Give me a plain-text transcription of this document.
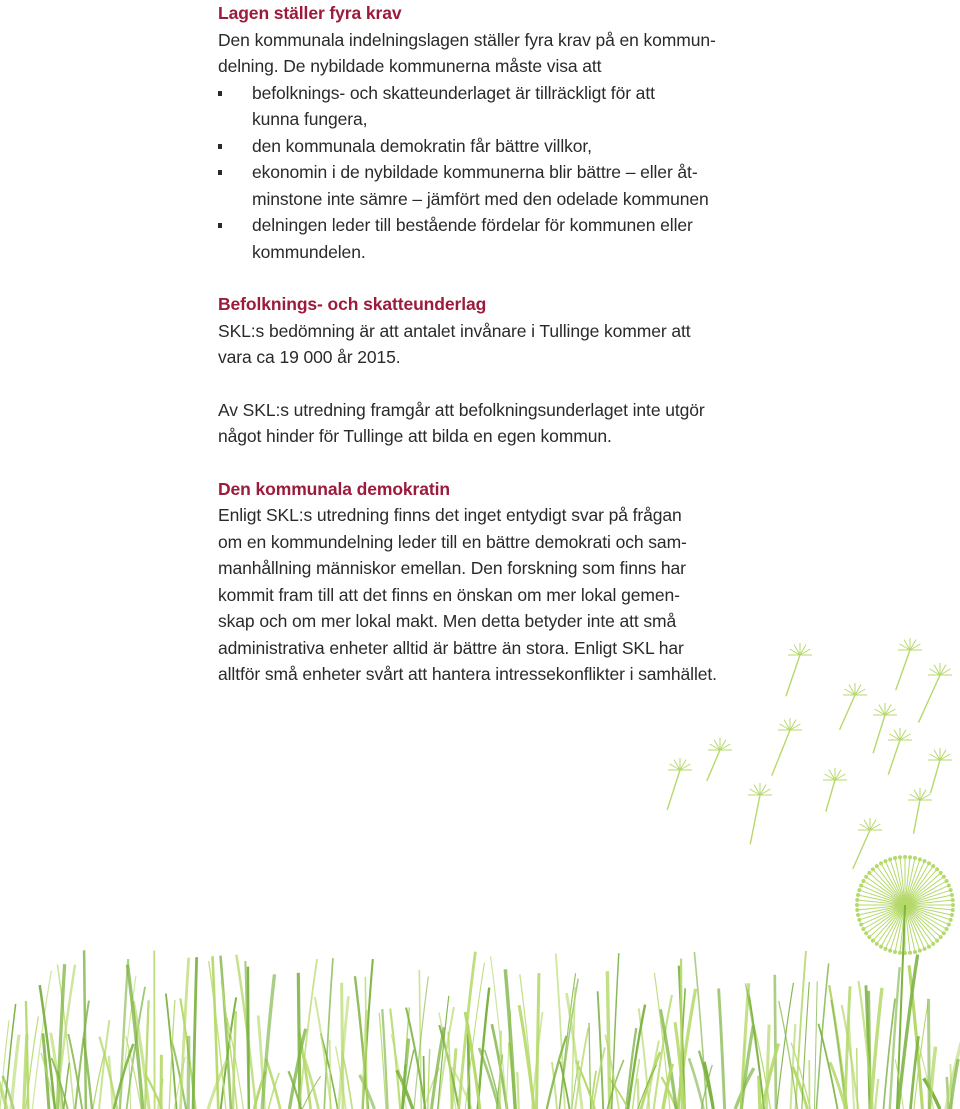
Lagen ställer fyra krav

Den kommunala indelningslagen ställer fyra krav på en kommun-

delning. De nybildade kommunerna måste visa att

befolknings- och skatteunderlaget är tillräckligt för att
kunna fungera,
den kommunala demokratin får bättre villkor,
ekonomin i de nybildade kommunerna blir bättre – eller åt-
minstone inte sämre – jämfört med den odelade kommunen
delningen leder till bestående fördelar för kommunen eller
kommundelen.
Befolknings- och skatteunderlag

SKL:s bedömning är att antalet invånare i Tullinge kommer att

vara ca 19 000 år 2015.

Av SKL:s utredning framgår att befolkningsunderlaget inte utgör

något hinder för Tullinge att bilda en egen kommun.

Den kommunala demokratin

Enligt SKL:s utredning finns det inget entydigt svar på frågan

om en kommundelning leder till en bättre demokrati och sam-

manhållning människor emellan. Den forskning som finns har

kommit fram till att det finns en önskan om mer lokal gemen-

skap och om mer lokal makt. Men detta betyder inte att små

administrativa enheter alltid är bättre än stora. Enligt SKL har

alltför små enheter svårt att hantera intressekonflikter i samhället.
